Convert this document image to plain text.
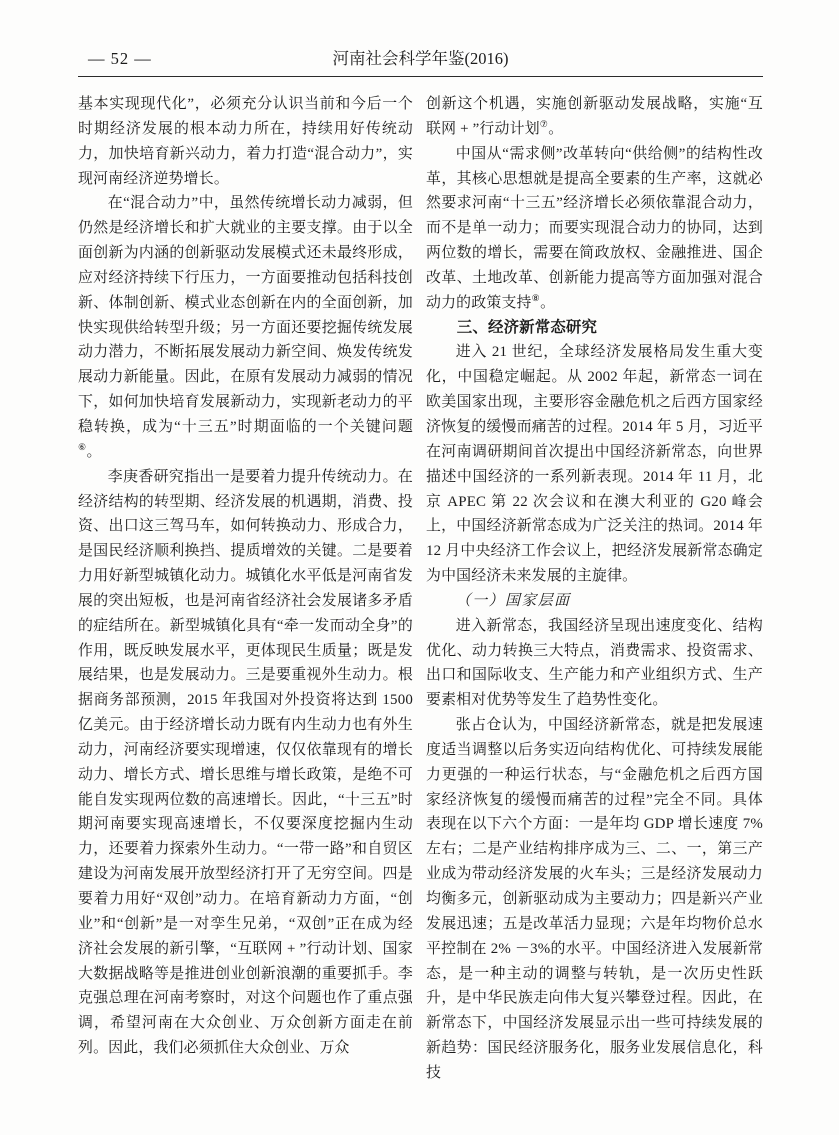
— 52 —	河南社会科学年鉴(2016)

基本实现现代化”，必须充分认识当前和今后一个时期经济发展的根本动力所在，持续用好传统动力，加快培育新兴动力，着力打造“混合动力”，实现河南经济逆势增长。

在“混合动力”中，虽然传统增长动力减弱，但仍然是经济增长和扩大就业的主要支撑。由于以全面创新为内涵的创新驱动发展模式还未最终形成，应对经济持续下行压力，一方面要推动包括科技创新、体制创新、模式业态创新在内的全面创新，加快实现供给转型升级；另一方面还要挖掘传统发展动力潜力，不断拓展发展动力新空间、焕发传统发展动力新能量。因此，在原有发展动力减弱的情况下，如何加快培育发展新动力，实现新老动力的平稳转换，成为“十三五”时期面临的一个关键问题⑥。

李庚香研究指出一是要着力提升传统动力。在经济结构的转型期、经济发展的机遇期，消费、投资、出口这三驾马车，如何转换动力、形成合力，是国民经济顺利换挡、提质增效的关键。二是要着力用好新型城镇化动力。城镇化水平低是河南省发展的突出短板，也是河南省经济社会发展诸多矛盾的症结所在。新型城镇化具有“牵一发而动全身”的作用，既反映发展水平，更体现民生质量；既是发展结果，也是发展动力。三是要重视外生动力。根据商务部预测，2015 年我国对外投资将达到 1500 亿美元。由于经济增长动力既有内生动力也有外生动力，河南经济要实现增速，仅仅依靠现有的增长动力、增长方式、增长思维与增长政策，是绝不可能自发实现两位数的高速增长。因此，“十三五”时期河南要实现高速增长，不仅要深度挖掘内生动力，还要着力探索外生动力。“一带一路”和自贸区建设为河南发展开放型经济打开了无穷空间。四是要着力用好“双创”动力。在培育新动力方面，“创业”和“创新”是一对孪生兄弟，“双创”正在成为经济社会发展的新引擎，“互联网 + ”行动计划、国家大数据战略等是推进创业创新浪潮的重要抓手。李克强总理在河南考察时，对这个问题也作了重点强调，希望河南在大众创业、万众创新方面走在前列。因此，我们必须抓住大众创业、万众

创新这个机遇，实施创新驱动发展战略，实施“互联网 + ”行动计划⑦。

中国从“需求侧”改革转向“供给侧”的结构性改革，其核心思想就是提高全要素的生产率，这就必然要求河南“十三五”经济增长必须依靠混合动力，而不是单一动力；而要实现混合动力的协同，达到两位数的增长，需要在简政放权、金融推进、国企改革、土地改革、创新能力提高等方面加强对混合动力的政策支持⑧。

三、经济新常态研究

进入 21 世纪，全球经济发展格局发生重大变化，中国稳定崛起。从 2002 年起，新常态一词在欧美国家出现，主要形容金融危机之后西方国家经济恢复的缓慢而痛苦的过程。2014 年 5 月，习近平在河南调研期间首次提出中国经济新常态，向世界描述中国经济的一系列新表现。2014 年 11 月，北京 APEC 第 22 次会议和在澳大利亚的 G20 峰会上，中国经济新常态成为广泛关注的热词。2014 年 12 月中央经济工作会议上，把经济发展新常态确定为中国经济未来发展的主旋律。

（一）国家层面

进入新常态，我国经济呈现出速度变化、结构优化、动力转换三大特点，消费需求、投资需求、出口和国际收支、生产能力和产业组织方式、生产要素相对优势等发生了趋势性变化。

张占仓认为，中国经济新常态，就是把发展速度适当调整以后务实迈向结构优化、可持续发展能力更强的一种运行状态，与“金融危机之后西方国家经济恢复的缓慢而痛苦的过程”完全不同。具体表现在以下六个方面：一是年均 GDP 增长速度 7%左右；二是产业结构排序成为三、二、一，第三产业成为带动经济发展的火车头；三是经济发展动力均衡多元，创新驱动成为主要动力；四是新兴产业发展迅速；五是改革活力显现；六是年均物价总水平控制在 2% －3%的水平。中国经济进入发展新常态，是一种主动的调整与转轨，是一次历史性跃升，是中华民族走向伟大复兴攀登过程。因此，在新常态下，中国经济发展显示出一些可持续发展的新趋势：国民经济服务化，服务业发展信息化，科技
